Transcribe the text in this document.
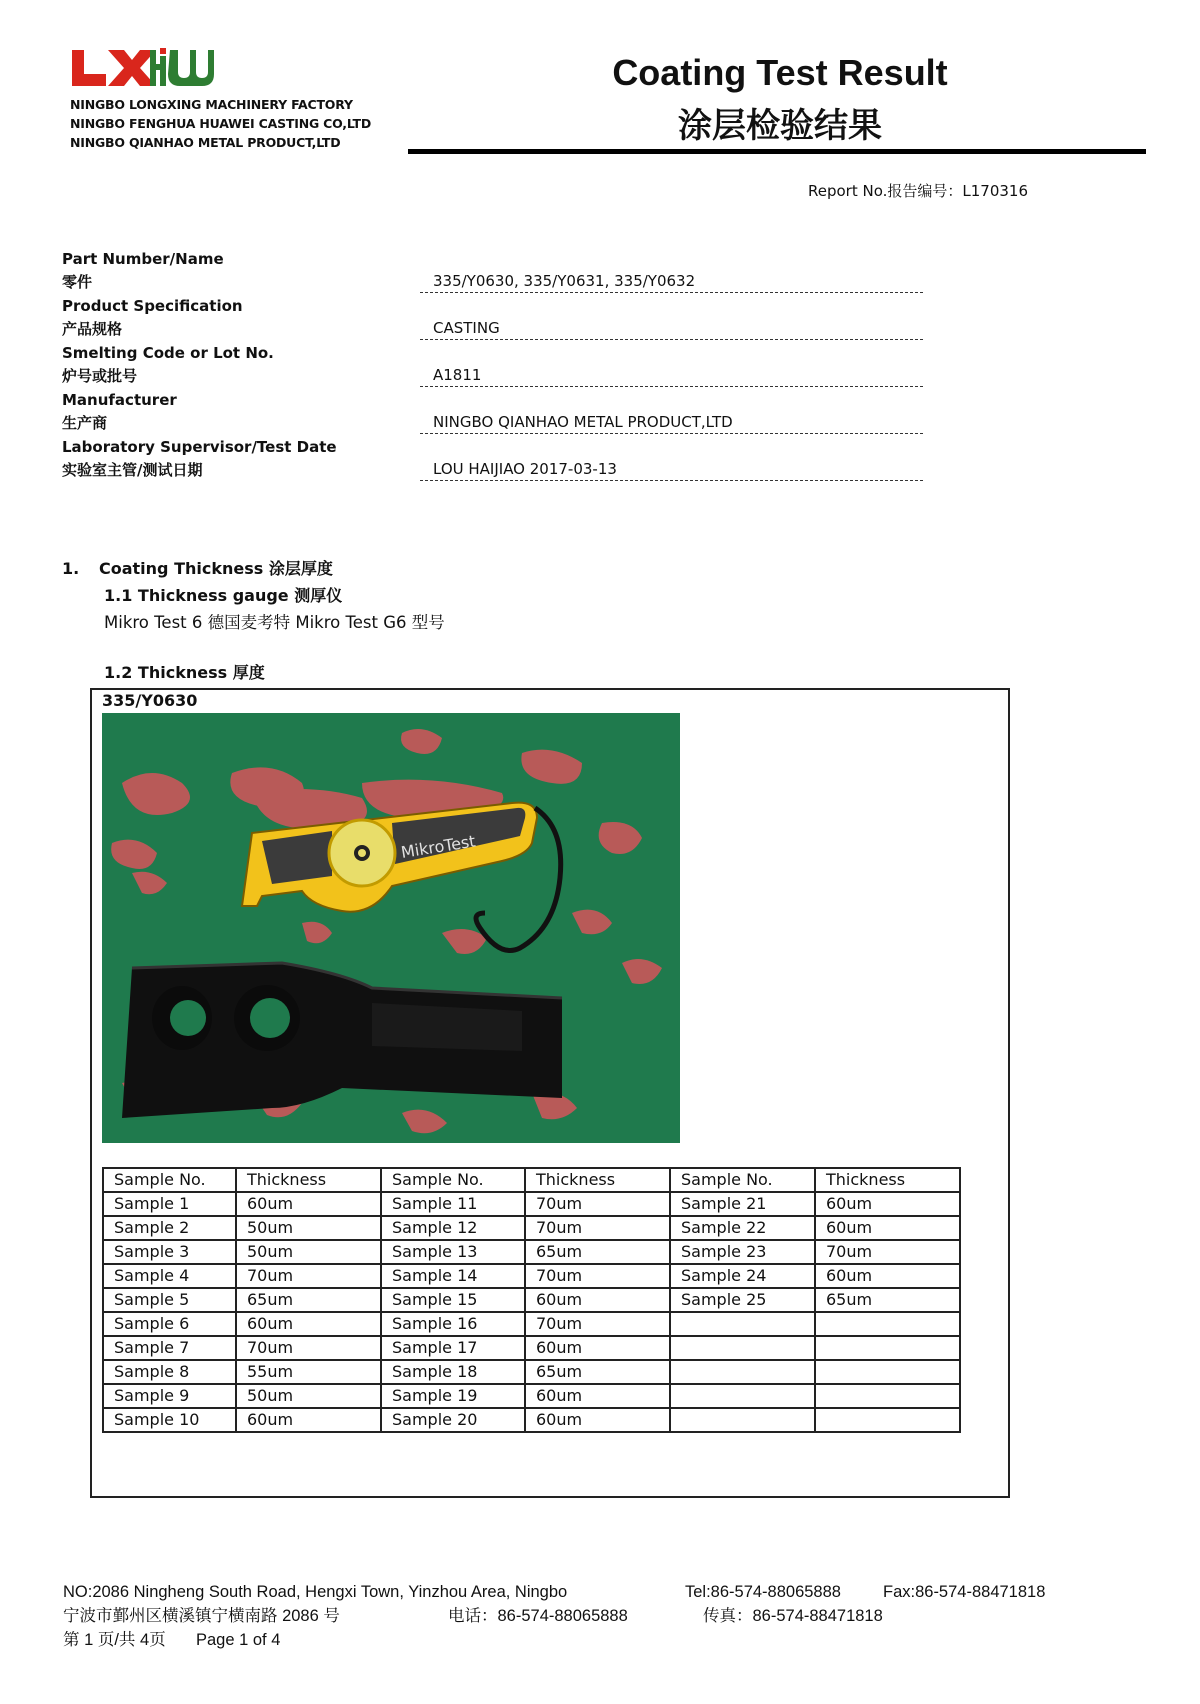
NINGBO LONGXING MACHINERY FACTORY
NINGBO FENGHUA HUAWEI CASTING CO,LTD
NINGBO QIANHAO METAL PRODUCT,LTD
Coating Test Result
涂层检验结果
Report No.报告编号：L170316
Part Number/Name
零件	335/Y0630, 335/Y0631, 335/Y0632
Product Specification
产品规格	CASTING
Smelting Code or Lot No.
炉号或批号	A1811
Manufacturer
生产商	NINGBO QIANHAO METAL PRODUCT,LTD
Laboratory Supervisor/Test Date
实验室主管/测试日期	LOU HAIJIAO 2017-03-13
1. Coating Thickness 涂层厚度
1.1 Thickness gauge 测厚仪
Mikro Test 6 德国麦考特 Mikro Test G6 型号
1.2 Thickness 厚度
335/Y0630
MikroTest
Sample No.	Thickness	Sample No.	Thickness	Sample No.	Thickness
Sample 1	60um	Sample 11	70um	Sample 21	60um
Sample 2	50um	Sample 12	70um	Sample 22	60um
Sample 3	50um	Sample 13	65um	Sample 23	70um
Sample 4	70um	Sample 14	70um	Sample 24	60um
Sample 5	65um	Sample 15	60um	Sample 25	65um
Sample 6	60um	Sample 16	70um		
Sample 7	70um	Sample 17	60um		
Sample 8	55um	Sample 18	65um		
Sample 9	50um	Sample 19	60um		
Sample 10	60um	Sample 20	60um		
NO:2086 Ningheng South Road, Hengxi Town, Yinzhou Area, Ningbo	Tel:86-574-88065888	Fax:86-574-88471818
宁波市鄞州区横溪镇宁横南路 2086 号	电话：86-574-88065888	传真：86-574-88471818
第 1 页/共 4页 Page 1 of 4
